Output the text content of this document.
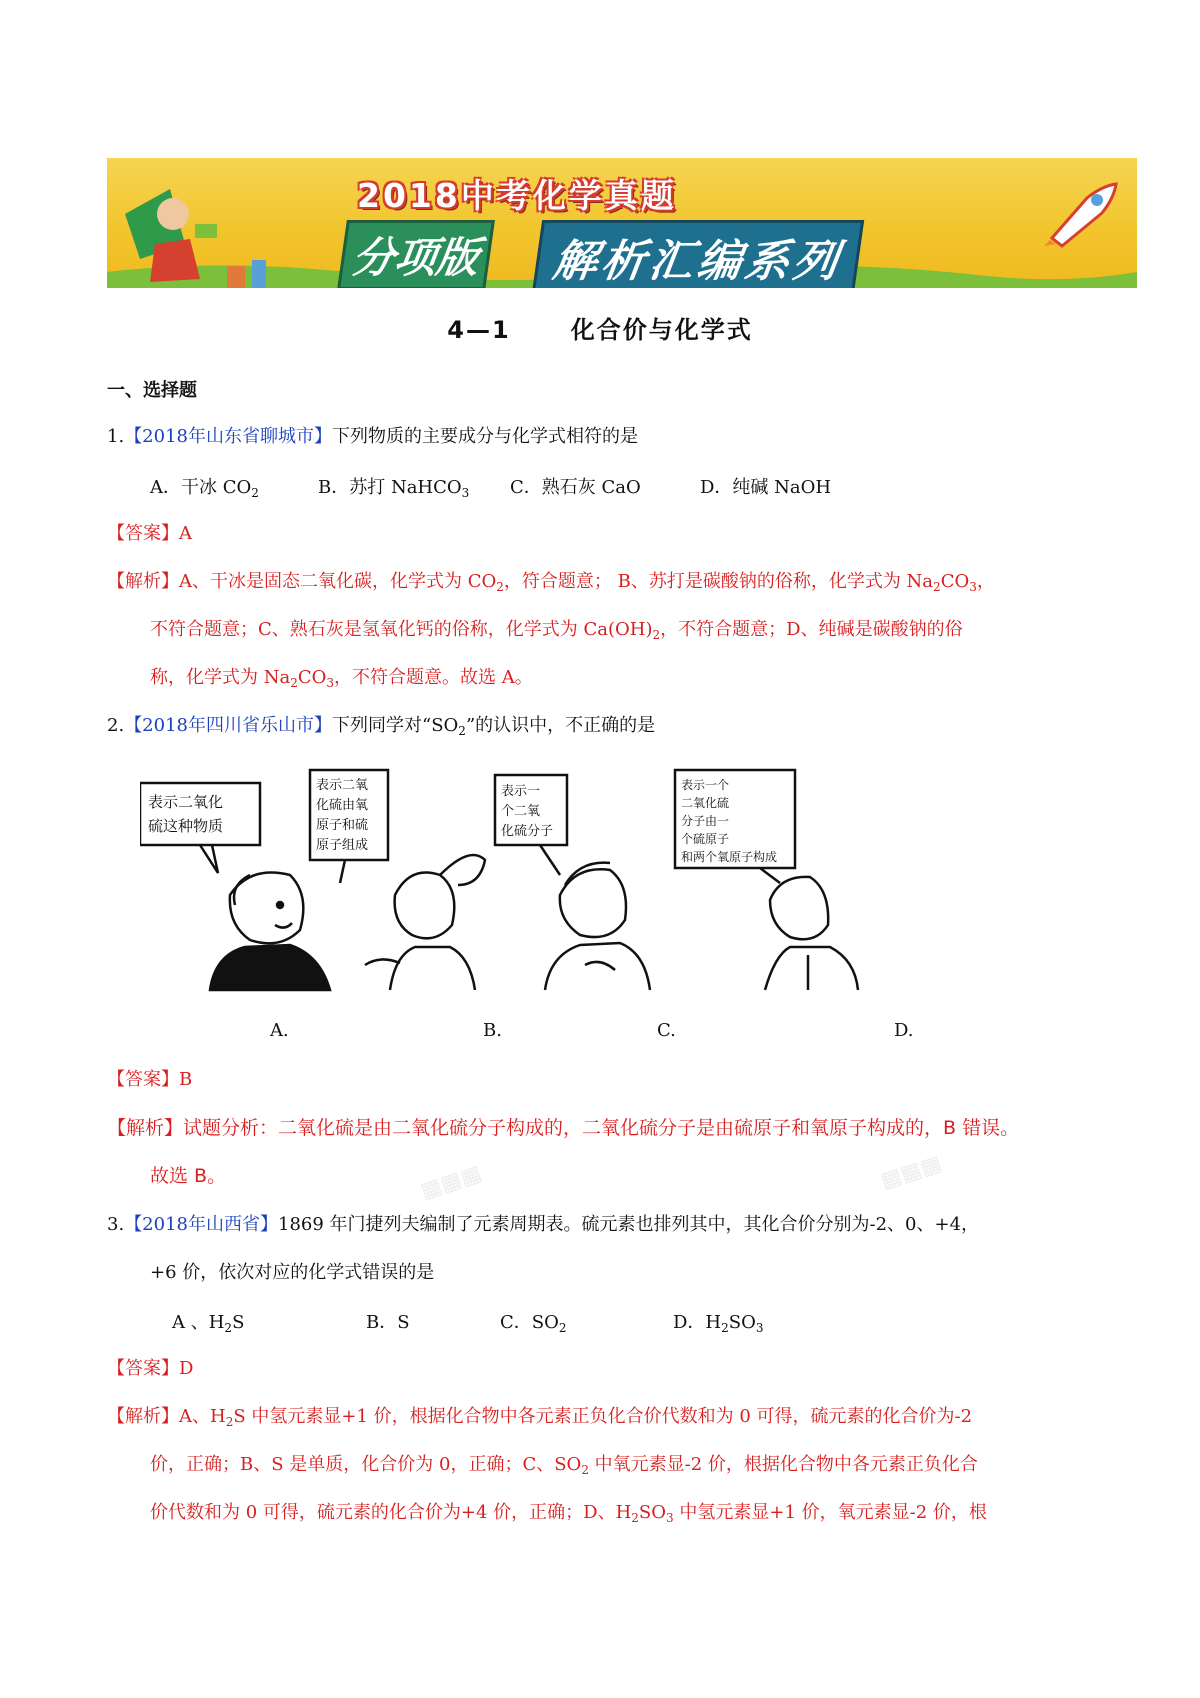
2018中考化学真题
分项版	解析汇编系列
4—1	化合价与化学式
一、选择题
1.【2018年山东省聊城市】下列物质的主要成分与化学式相符的是
A．干冰 $CO_2$	B．苏打 NaHCO$_3$ C．熟石灰 CaO	D．纯碱 NaOH
【答案】A
【解析】A、干冰是固态二氧化碳，化学式为 $CO_2$，符合题意； B、苏打是碳酸钠的俗称，化学式为 $Na_2CO_3$，
不符合题意；C、熟石灰是氢氧化钙的俗称，化学式为 $Ca(OH)_2$，不符合题意；D、纯碱是碳酸钠的俗
称，化学式为 $Na_2CO_3$，不符合题意。故选 A。
2.【2018年四川省乐山市】下列同学对“$SO_2$”的认识中，不正确的是
表示二氧化
硫这种物质
表示二氧
化硫由氧
原子和硫
原子组成
表示一
个二氧
化硫分子
表示一个
二氧化硫
分子由一
个硫原子
和两个氧原子构成
A.	B.	C.	D.
【答案】B
▦▦▦	▦▦▦
【解析】试题分析：二氧化硫是由二氧化硫分子构成的，二氧化硫分子是由硫原子和氧原子构成的，B 错误。
故选 B。
3.【2018年山西省】1869 年门捷列夫编制了元素周期表。硫元素也排列其中，其化合价分别为-2、0、+4，
+6 价，依次对应的化学式错误的是
A 、$H_2S$	B．S	C．$SO_2$	D．$H_2SO_3$
【答案】D
【解析】A、$H_2S$ 中氢元素显+1 价，根据化合物中各元素正负化合价代数和为 0 可得，硫元素的化合价为-2
价，正确；B、S 是单质，化合价为 0，正确；C、$SO_2$ 中氧元素显-2 价，根据化合物中各元素正负化合
价代数和为 0 可得，硫元素的化合价为+4 价，正确；D、$H_2SO_3$ 中氢元素显+1 价，氧元素显-2 价，根
